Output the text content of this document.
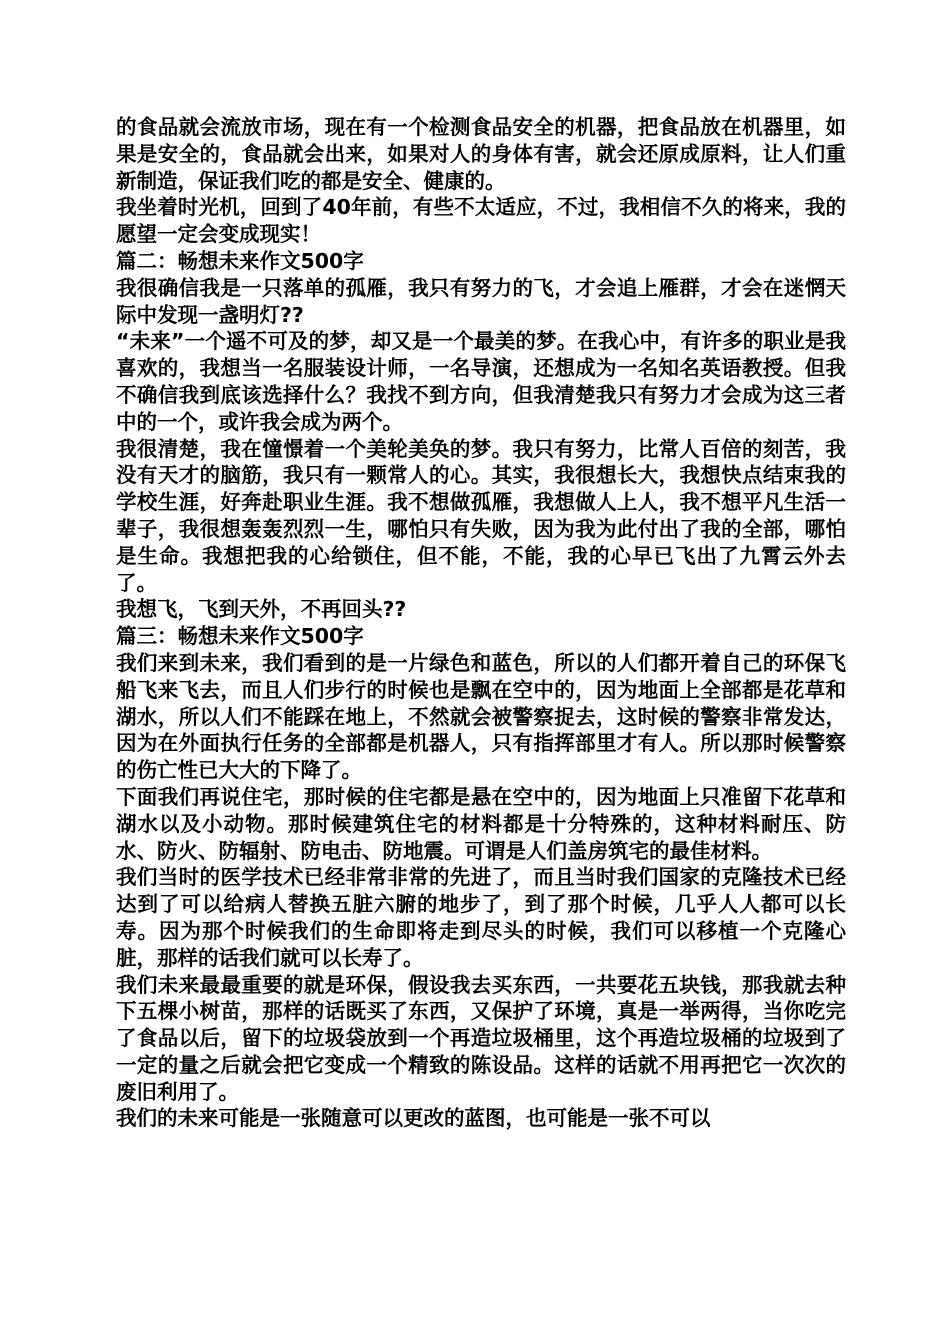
的食品就会流放市场，现在有一个检测食品安全的机器，把食品放在机器里，如果是安全的，食品就会出来，如果对人的身体有害，就会还原成原料，让人们重新制造，保证我们吃的都是安全、健康的。

我坐着时光机，回到了40年前，有些不太适应，不过，我相信不久的将来，我的愿望一定会变成现实！

篇二：畅想未来作文500字

我很确信我是一只落单的孤雁，我只有努力的飞，才会追上雁群，才会在迷惘天际中发现一盏明灯??

“未来”一个遥不可及的梦，却又是一个最美的梦。在我心中，有许多的职业是我喜欢的，我想当一名服装设计师，一名导演，还想成为一名知名英语教授。但我不确信我到底该选择什么？我找不到方向，但我清楚我只有努力才会成为这三者中的一个，或许我会成为两个。

我很清楚，我在憧憬着一个美轮美奂的梦。我只有努力，比常人百倍的刻苦，我没有天才的脑筋，我只有一颗常人的心。其实，我很想长大，我想快点结束我的学校生涯，好奔赴职业生涯。我不想做孤雁，我想做人上人，我不想平凡生活一辈子，我很想轰轰烈烈一生，哪怕只有失败，因为我为此付出了我的全部，哪怕是生命。我想把我的心给锁住，但不能，不能，我的心早已飞出了九霄云外去了。

我想飞，飞到天外，不再回头??

篇三：畅想未来作文500字

我们来到未来，我们看到的是一片绿色和蓝色，所以的人们都开着自己的环保飞船飞来飞去，而且人们步行的时候也是飘在空中的，因为地面上全部都是花草和湖水，所以人们不能踩在地上，不然就会被警察捉去，这时候的警察非常发达，因为在外面执行任务的全部都是机器人，只有指挥部里才有人。所以那时候警察的伤亡性已大大的下降了。

下面我们再说住宅，那时候的住宅都是悬在空中的，因为地面上只准留下花草和湖水以及小动物。那时候建筑住宅的材料都是十分特殊的，这种材料耐压、防水、防火、防辐射、防电击、防地震。可谓是人们盖房筑宅的最佳材料。

我们当时的医学技术已经非常非常的先进了，而且当时我们国家的克隆技术已经达到了可以给病人替换五脏六腑的地步了，到了那个时候，几乎人人都可以长寿。因为那个时候我们的生命即将走到尽头的时候，我们可以移植一个克隆心脏，那样的话我们就可以长寿了。

我们未来最最重要的就是环保，假设我去买东西，一共要花五块钱，那我就去种下五棵小树苗，那样的话既买了东西，又保护了环境，真是一举两得，当你吃完了食品以后，留下的垃圾袋放到一个再造垃圾桶里，这个再造垃圾桶的垃圾到了一定的量之后就会把它变成一个精致的陈设品。这样的话就不用再把它一次次的废旧利用了。

我们的未来可能是一张随意可以更改的蓝图，也可能是一张不可以
